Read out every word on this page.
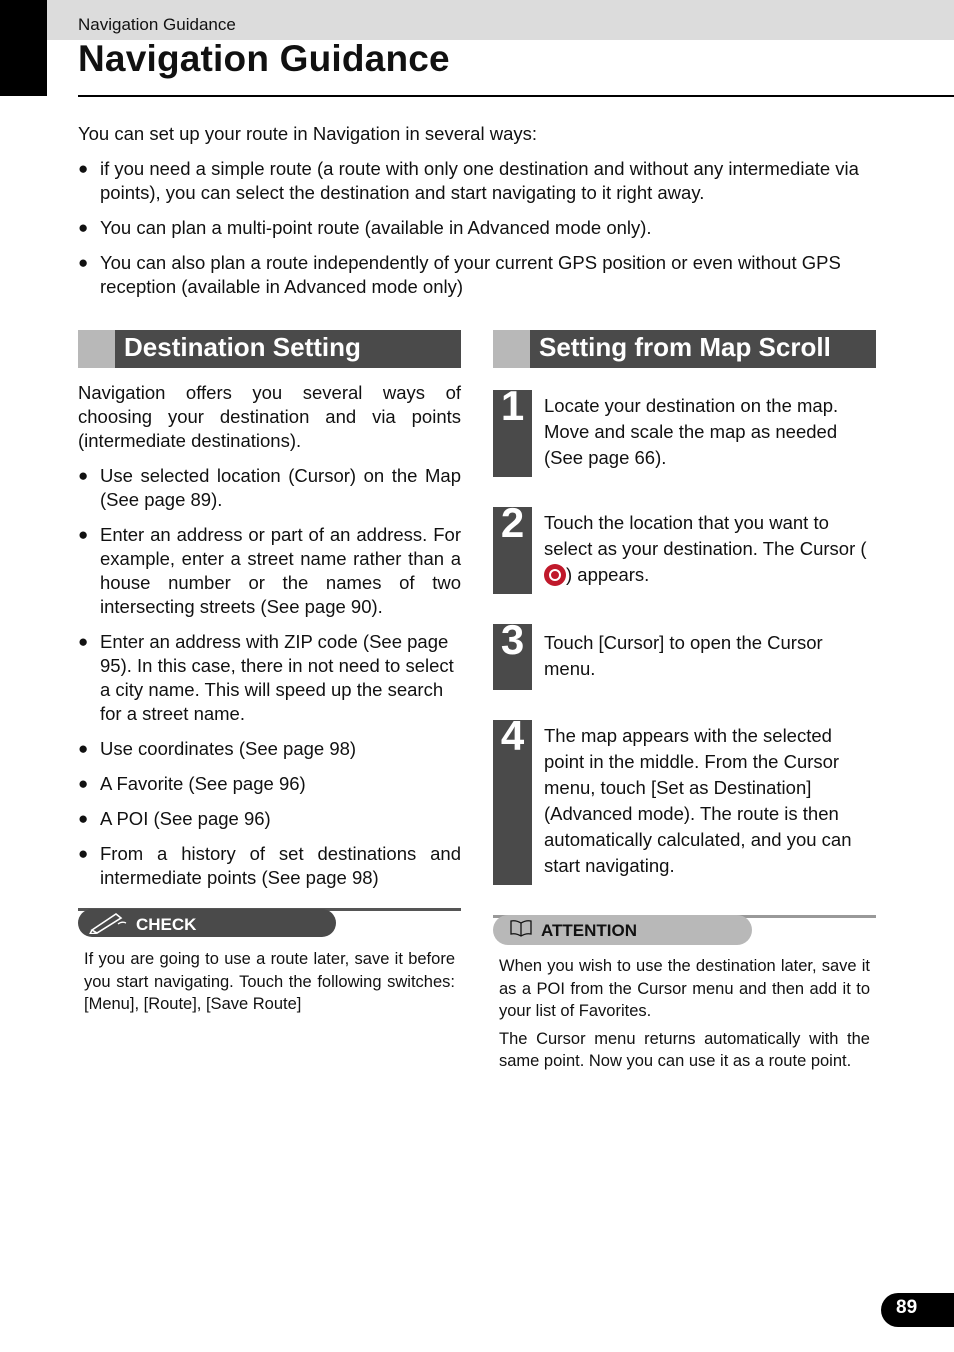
Navigation Guidance
Navigation Guidance

You can set up your route in Navigation in several ways:

● if you need a simple route (a route with only one destination and without any intermediate via points), you can select the destination and start navigating to it right away.
● You can plan a multi-point route (available in Advanced mode only).
● You can also plan a route independently of your current GPS position or even without GPS reception (available in Advanced mode only)
Destination Setting

Navigation offers you several ways of choosing your destination and via points (intermediate destinations).

● Use selected location (Cursor) on the Map (See page 89).
● Enter an address or part of an address. For example, enter a street name rather than a house number or the names of two intersecting streets (See page 90).
● Enter an address with ZIP code (See page 95). In this case, there in not need to select a city name. This will speed up the search for a street name.
● Use coordinates (See page 98)
● A Favorite (See page 96)
● A POI (See page 96)
● From a history of set destinations and intermediate points (See page 98)
CHECK
If you are going to use a route later, save it before you start navigating. Touch the following switches: [Menu], [Route], [Save Route]
Setting from Map Scroll
1	Locate your destination on the map. Move and scale the map as needed (See page 66).
2	Touch the location that you want to select as your destination. The Cursor () appears.
3	Touch [Cursor] to open the Cursor menu.
4	The map appears with the selected point in the middle. From the Cursor menu, touch [Set as Destination] (Advanced mode). The route is then automatically calculated, and you can start navigating.
ATTENTION

When you wish to use the destination later, save it as a POI from the Cursor menu and then add it to your list of Favorites.

The Cursor menu returns automatically with the same point. Now you can use it as a route point.

89
